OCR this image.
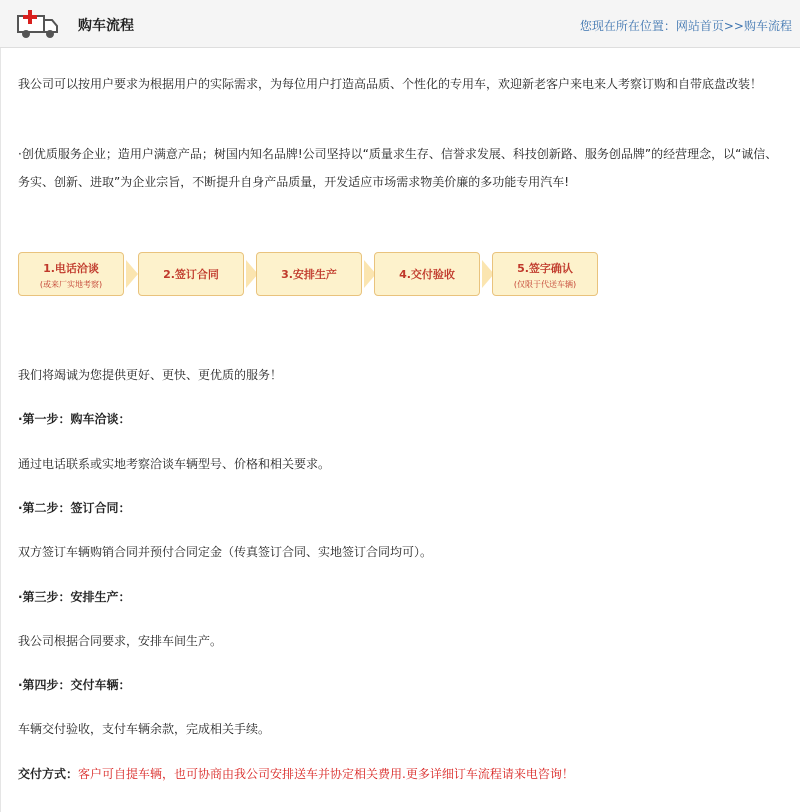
购车流程	您现在所在位置：网站首页>>购车流程

我公司可以按用户要求为根据用户的实际需求，为每位用户打造高品质、个性化的专用车，欢迎新老客户来电来人考察订购和自带底盘改装！

·创优质服务企业；造用户满意产品；树国内知名品牌!公司坚持以“质量求生存、信誉求发展、科技创新路、服务创品牌”的经营理念，以“诚信、务实、创新、进取”为企业宗旨，不断提升自身产品质量，开发适应市场需求物美价廉的多功能专用汽车!

1.电话洽谈
(或来厂实地考察)
2.签订合同	3.安排生产	4.交付验收	5.签字确认
(仅限于代送车辆)
我们将竭诚为您提供更好、更快、更优质的服务！
·第一步：购车洽谈：
通过电话联系或实地考察洽谈车辆型号、价格和相关要求。
·第二步：签订合同：
双方签订车辆购销合同并预付合同定金（传真签订合同、实地签订合同均可）。
·第三步：安排生产：
我公司根据合同要求，安排车间生产。
·第四步：交付车辆：
车辆交付验收，支付车辆余款，完成相关手续。
交付方式：客户可自提车辆，也可协商由我公司安排送车并协定相关费用.更多详细订车流程请来电咨询！
